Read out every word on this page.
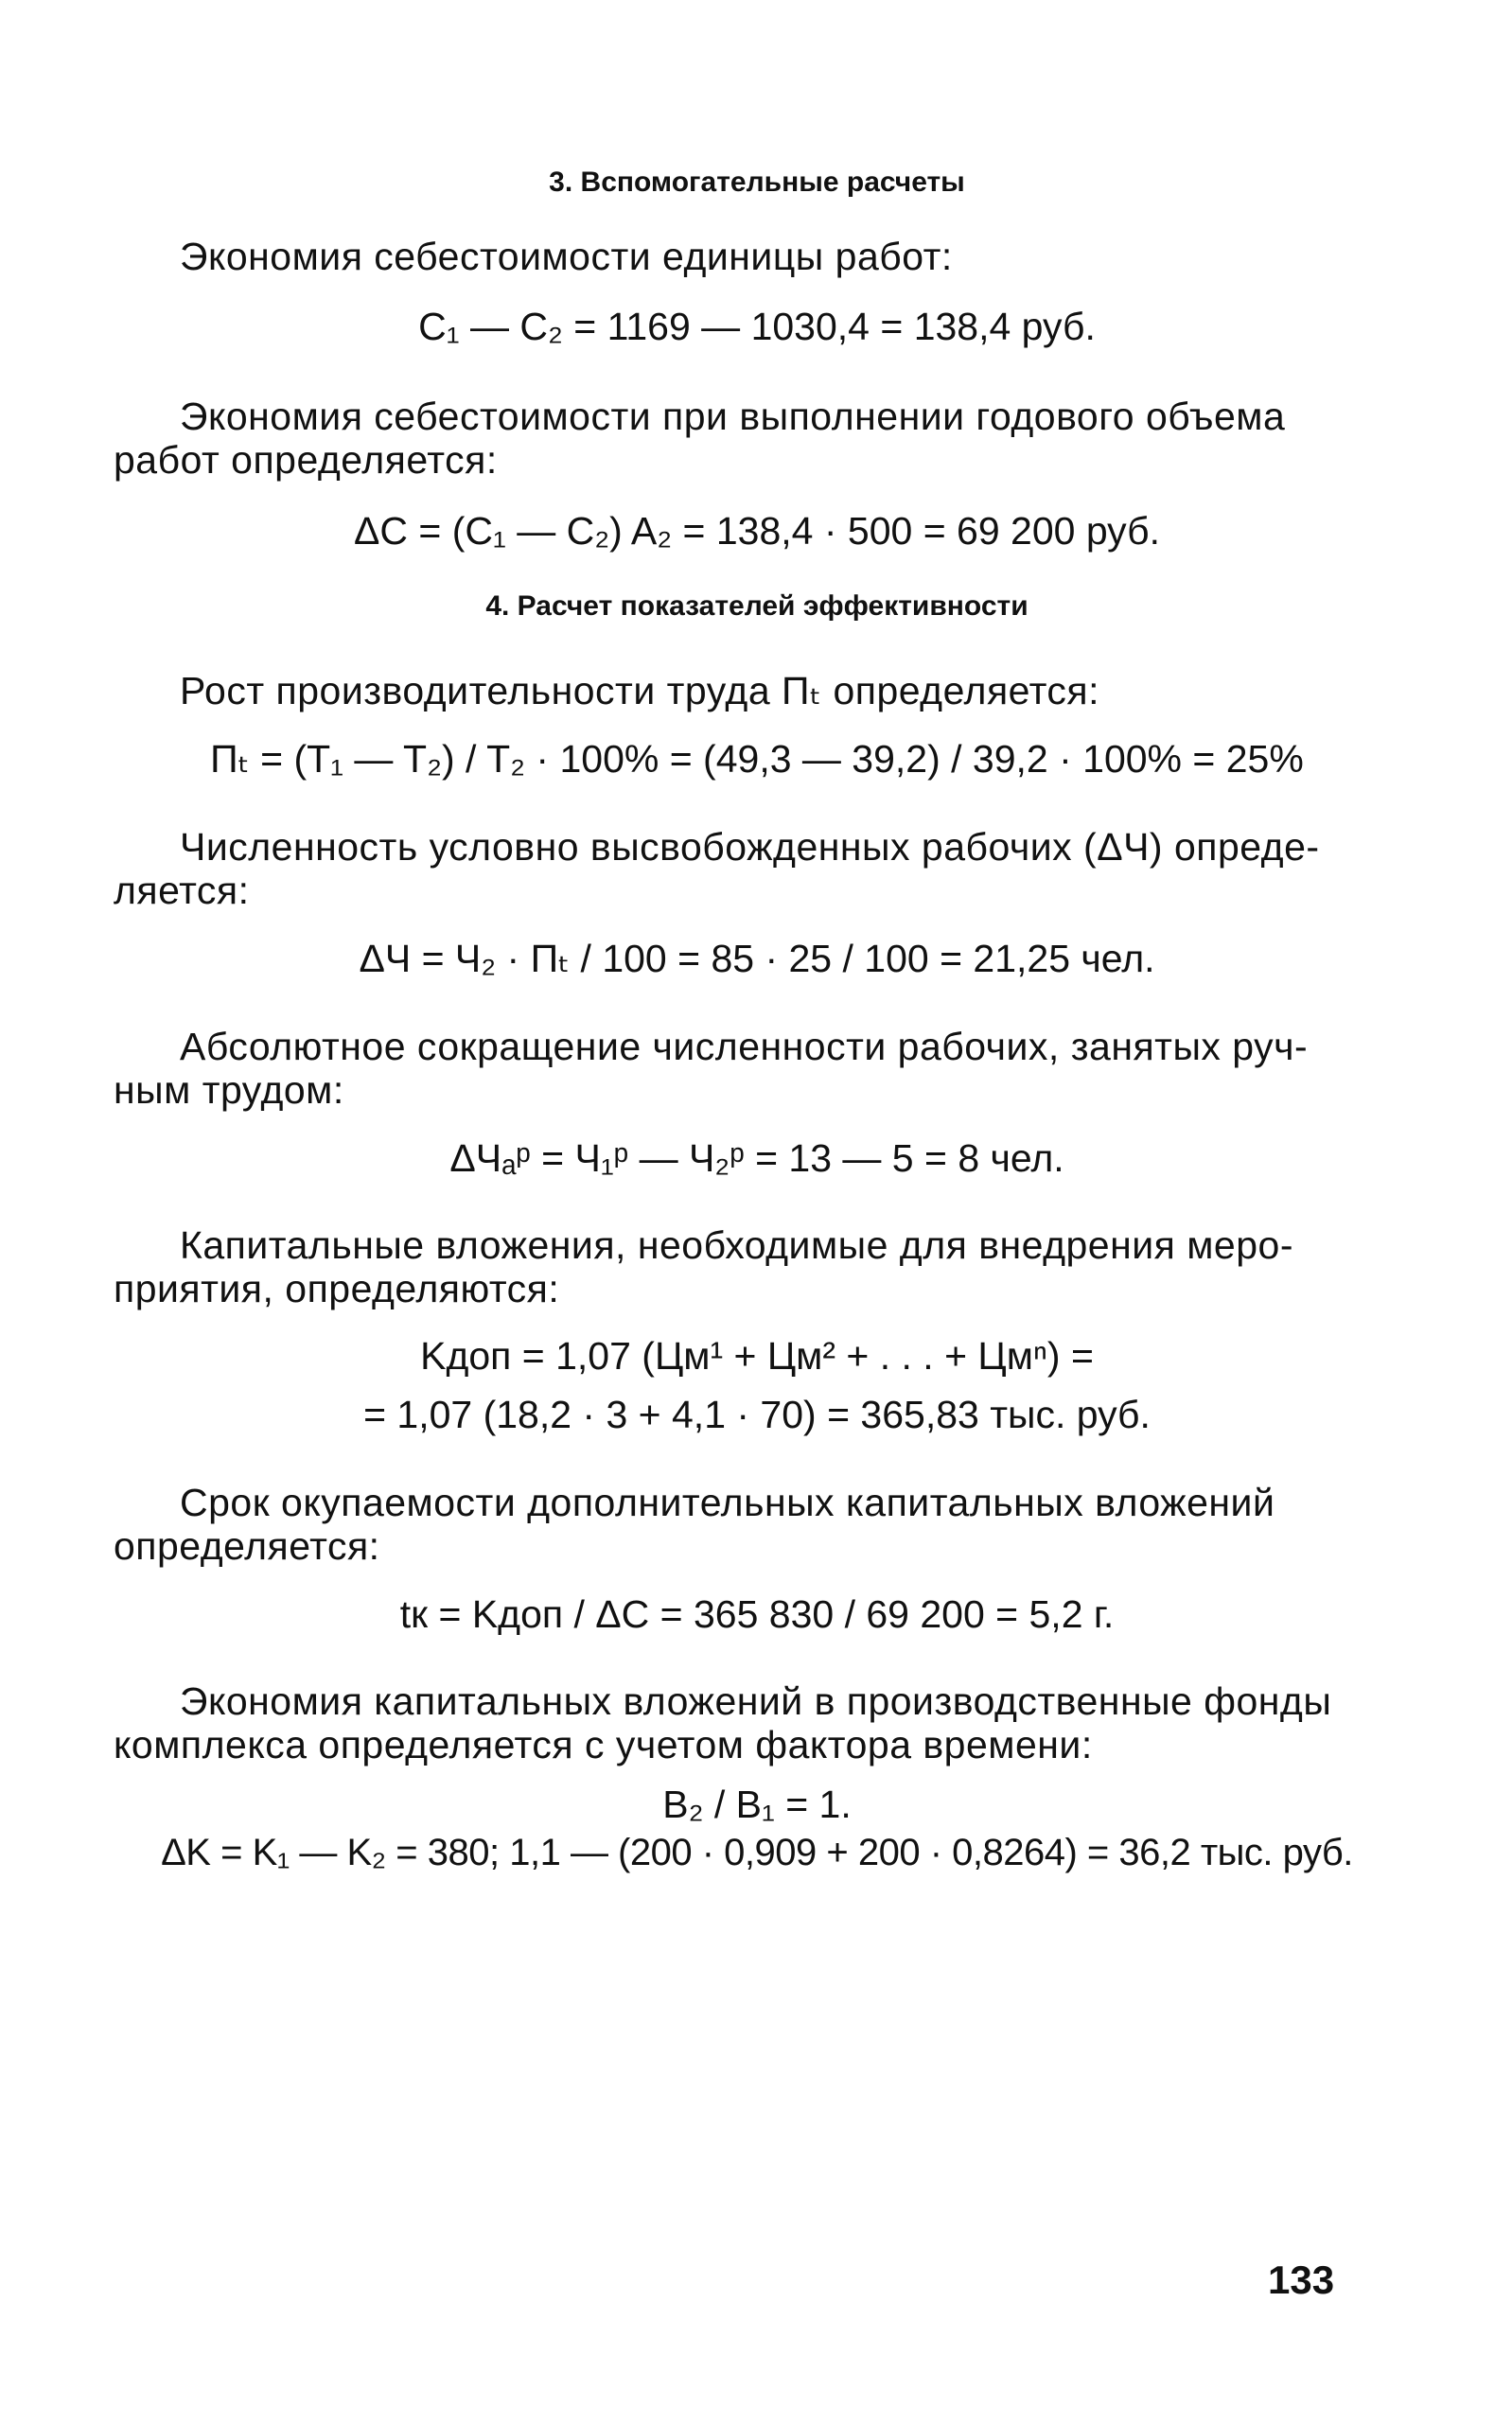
3. Вспомогательные расчеты
Экономия себестоимости единицы работ:
C₁ — C₂ = 1169 — 1030,4 = 138,4 руб.
Экономия себестоимости при выполнении годового объема
работ определяется:
ΔC = (C₁ — C₂) A₂ = 138,4 · 500 = 69 200 руб.
4. Расчет показателей эффективности
Рост производительности труда Пₜ определяется:
Пₜ = (T₁ — T₂) / T₂ · 100% = (49,3 — 39,2) / 39,2 · 100% = 25%
Численность условно высвобожденных рабочих (ΔЧ) опреде-
ляется:
ΔЧ = Ч₂ · Пₜ / 100 = 85 · 25 / 100 = 21,25 чел.
Абсолютное сокращение численности рабочих, занятых руч-
ным трудом:
ΔЧₐᵖ = Ч₁ᵖ — Ч₂ᵖ = 13 — 5 = 8 чел.
Капитальные вложения, необходимые для внедрения меро-
приятия, определяются:
Kдоп = 1,07 (Цм¹ + Цм² + . . . + Цмⁿ) =
= 1,07 (18,2 · 3 + 4,1 · 70) = 365,83 тыс. руб.
Срок окупаемости дополнительных капитальных вложений
определяется:
tк = Kдоп / ΔC = 365 830 / 69 200 = 5,2 г.
Экономия капитальных вложений в производственные фонды
комплекса определяется с учетом фактора времени:
B₂ / B₁ = 1.
ΔK = K₁ — K₂ = 380; 1,1 — (200 · 0,909 + 200 · 0,8264) = 36,2 тыс. руб.
133
